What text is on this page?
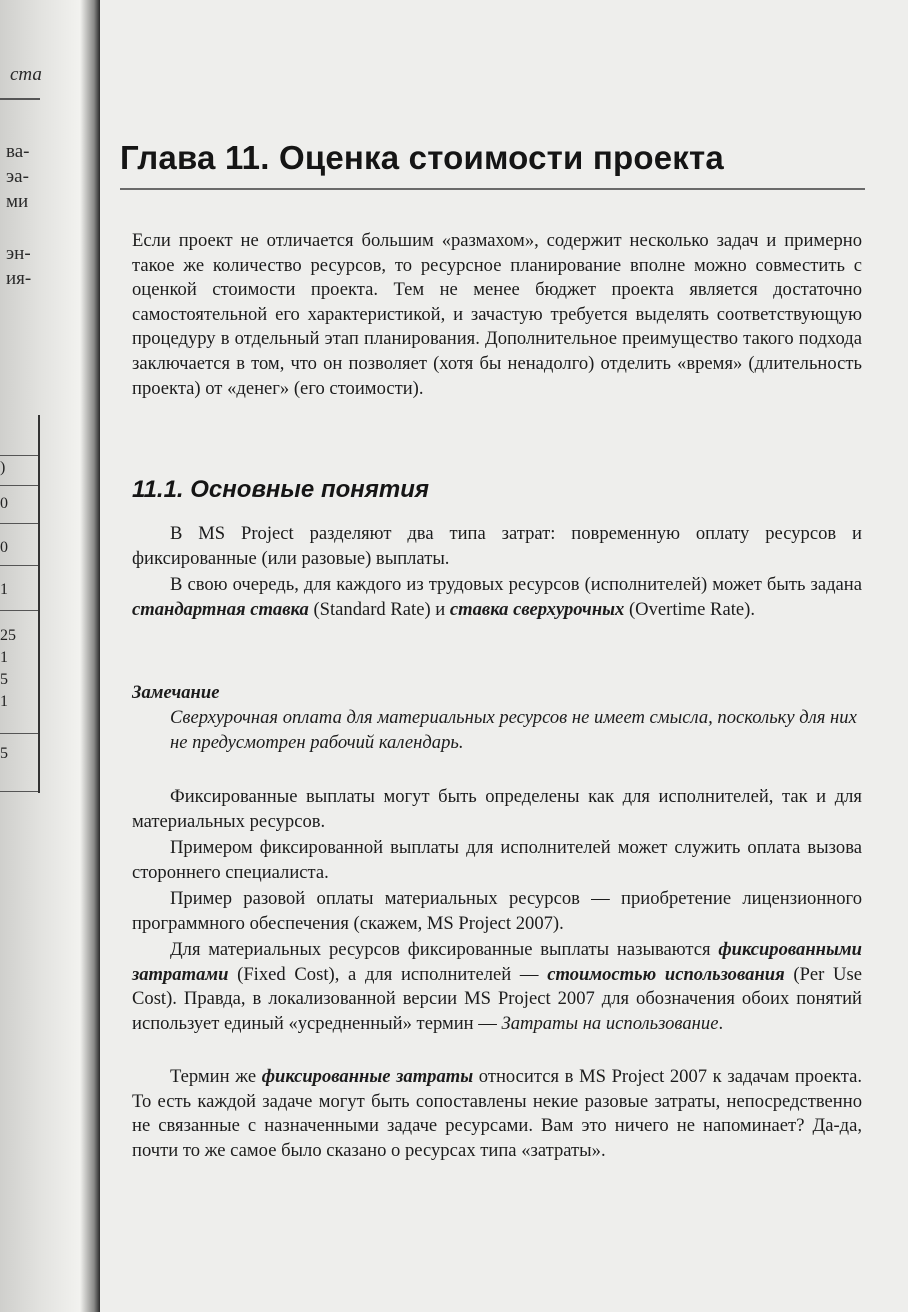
ста
ва-
эа-
ми
эн-
ия-
)
0
0
1
25
1
5
1
5
Глава 11. Оценка стоимости проекта

Если проект не отличается большим «размахом», содержит несколько задач и примерно такое же количество ресурсов, то ресурсное планирование вполне можно совместить с оценкой стоимости проекта. Тем не менее бюджет проекта является достаточно самостоятельной его характеристикой, и зачастую требуется выделять соответствующую процедуру в отдельный этап планирования. Дополнительное преимущество такого подхода заключается в том, что он позволяет (хотя бы ненадолго) отделить «время» (длительность проекта) от «денег» (его стоимости).

11.1. Основные понятия

В MS Project разделяют два типа затрат: повременную оплату ресурсов и фиксированные (или разовые) выплаты.

В свою очередь, для каждого из трудовых ресурсов (исполнителей) может быть задана стандартная ставка (Standard Rate) и ставка сверхурочных (Overtime Rate).

Замечание

Сверхурочная оплата для материальных ресурсов не имеет смысла, поскольку для них не предусмотрен рабочий календарь.

Фиксированные выплаты могут быть определены как для исполнителей, так и для материальных ресурсов.

Примером фиксированной выплаты для исполнителей может служить оплата вызова стороннего специалиста.

Пример разовой оплаты материальных ресурсов — приобретение лицензионного программного обеспечения (скажем, MS Project 2007).

Для материальных ресурсов фиксированные выплаты называются фиксированными затратами (Fixed Cost), а для исполнителей — стоимостью использования (Per Use Cost). Правда, в локализованной версии MS Project 2007 для обозначения обоих понятий использует единый «усредненный» термин — Затраты на использование.

Термин же фиксированные затраты относится в MS Project 2007 к задачам проекта. То есть каждой задаче могут быть сопоставлены некие разовые затраты, непосредственно не связанные с назначенными задаче ресурсами. Вам это ничего не напоминает? Да-да, почти то же самое было сказано о ресурсах типа «затраты».
